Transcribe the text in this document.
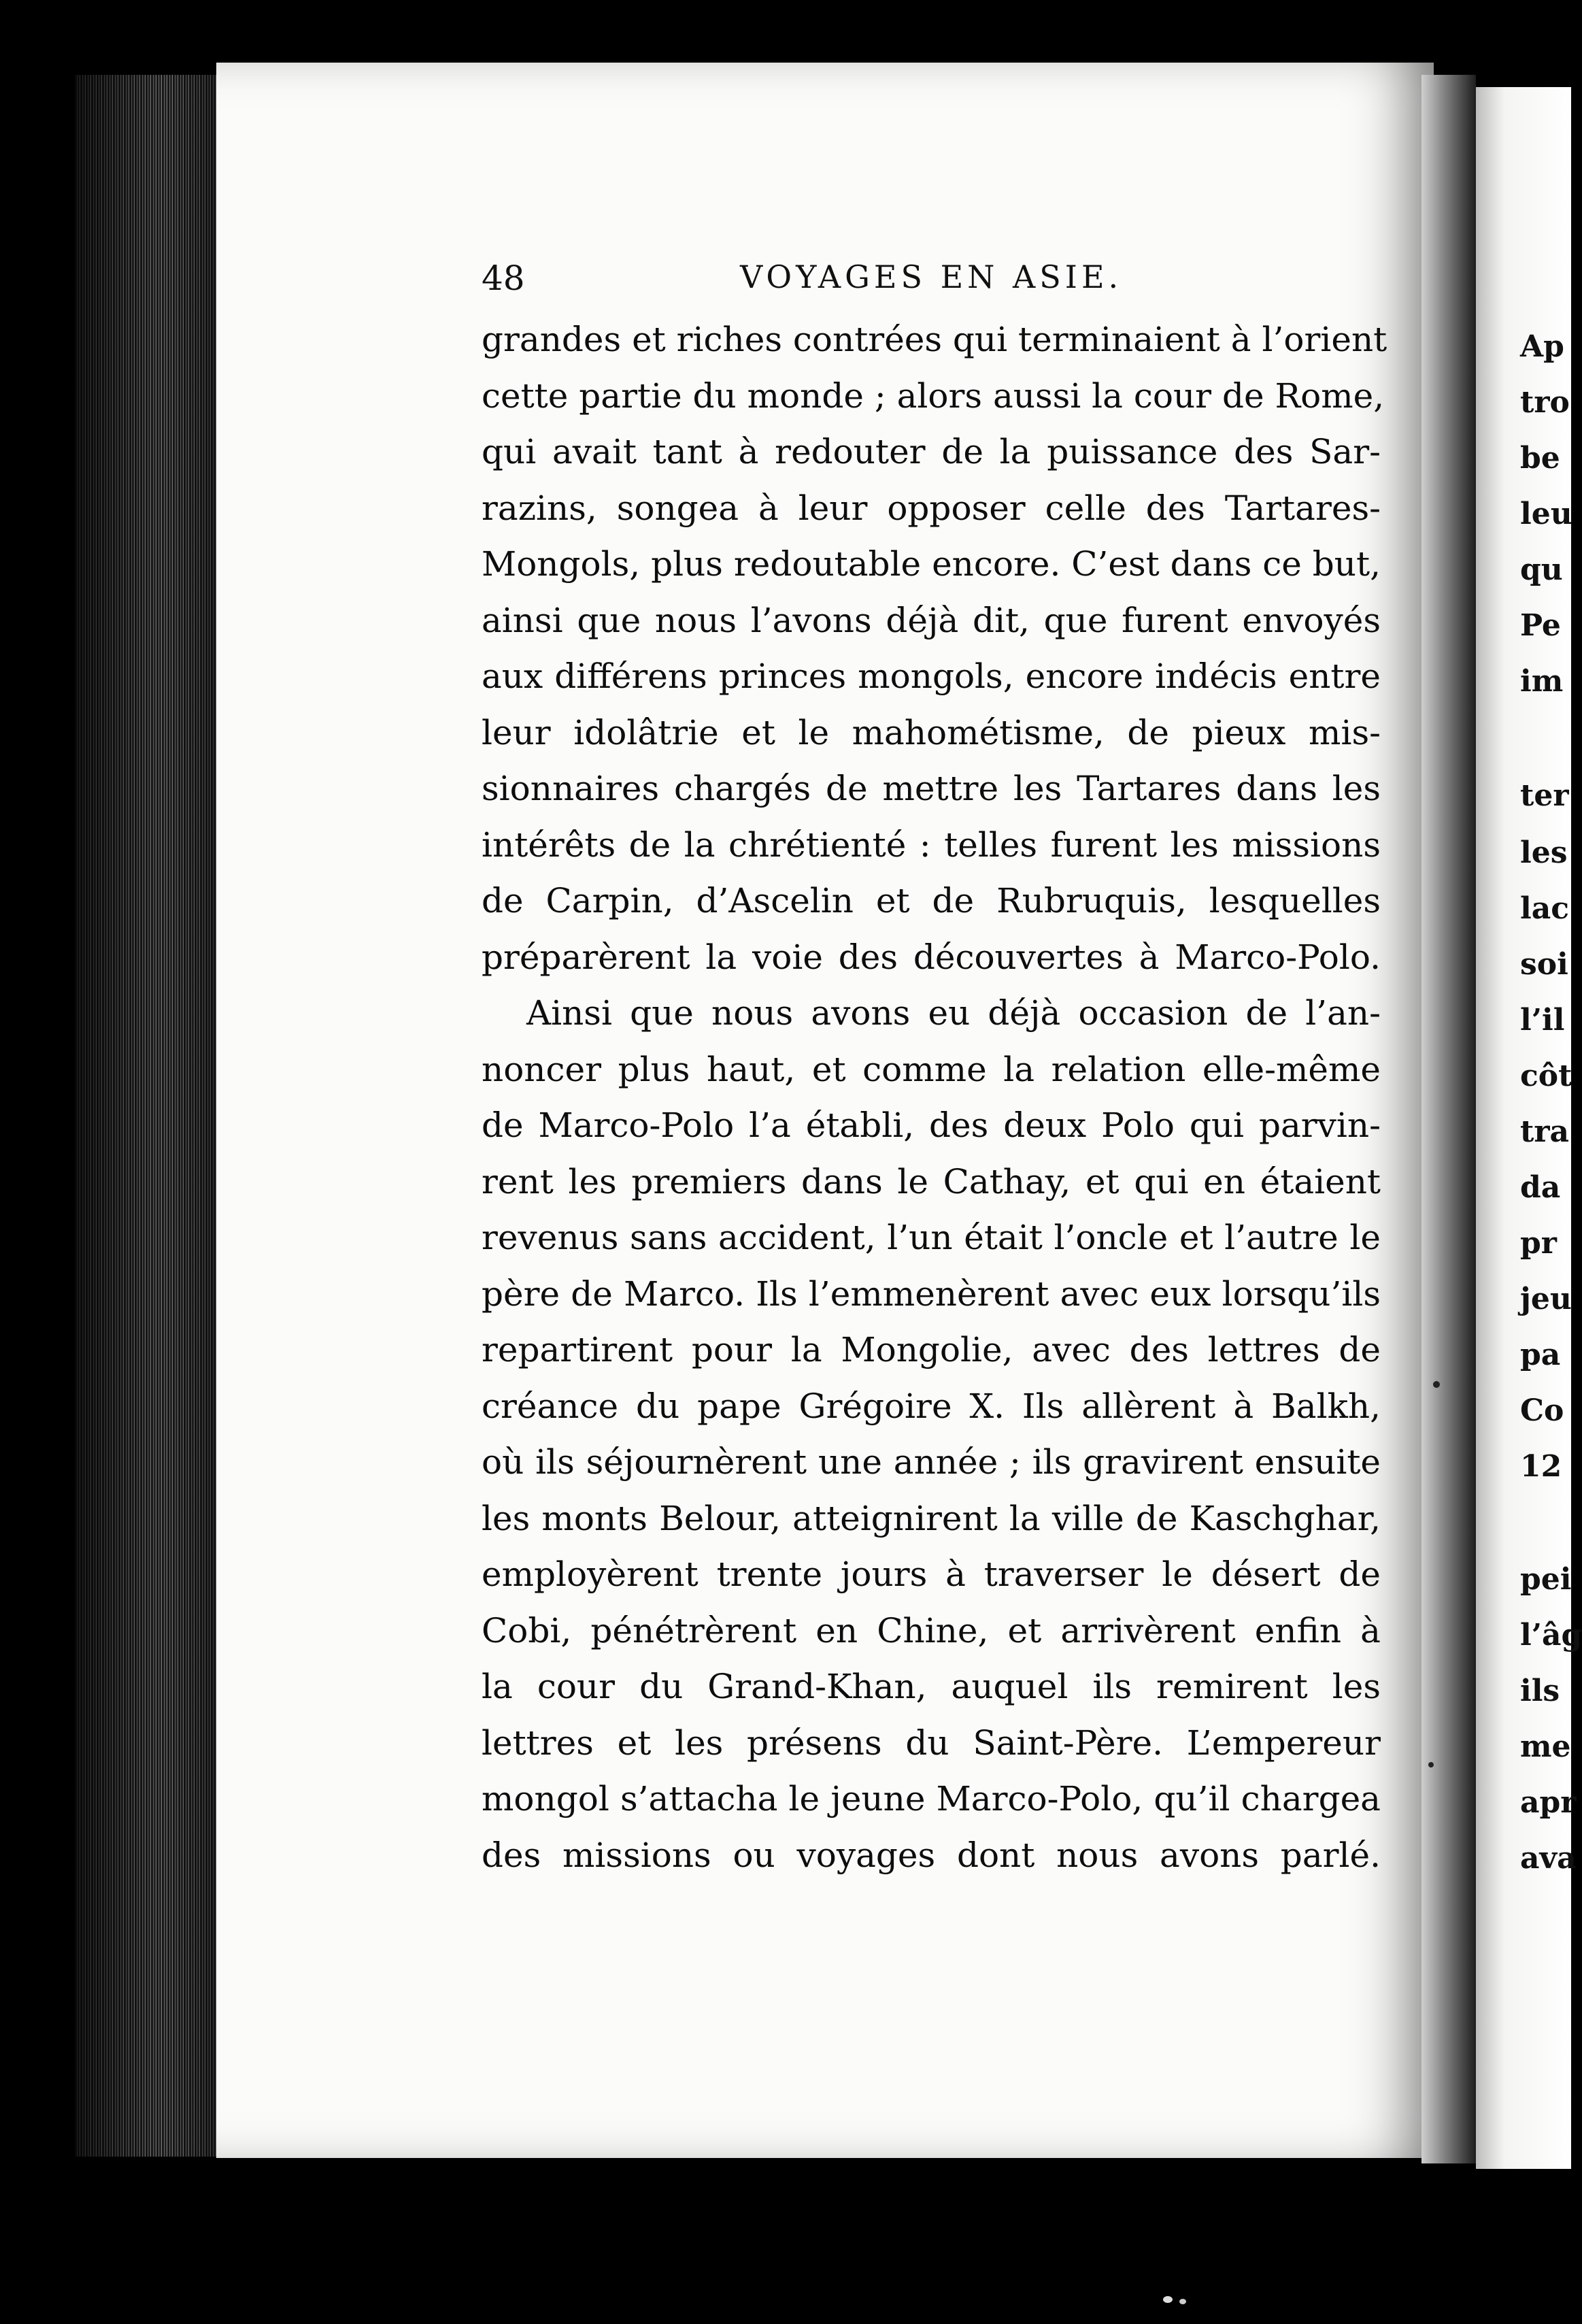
48	VOYAGES EN ASIE.
grandes et riches contrées qui terminaient à l’orient
cette partie du monde ; alors aussi la cour de Rome,
qui avait tant à redouter de la puissance des Sar-
razins, songea à leur opposer celle des Tartares-
Mongols, plus redoutable encore. C’est dans ce but,
ainsi que nous l’avons déjà dit, que furent envoyés
aux différens princes mongols, encore indécis entre
leur idolâtrie et le mahométisme, de pieux mis-
sionnaires chargés de mettre les Tartares dans les
intérêts de la chrétienté : telles furent les missions
de Carpin, d’Ascelin et de Rubruquis, lesquelles
préparèrent la voie des découvertes à Marco-Polo.
Ainsi que nous avons eu déjà occasion de l’an-
noncer plus haut, et comme la relation elle-même
de Marco-Polo l’a établi, des deux Polo qui parvin-
rent les premiers dans le Cathay, et qui en étaient
revenus sans accident, l’un était l’oncle et l’autre le
père de Marco. Ils l’emmenèrent avec eux lorsqu’ils
repartirent pour la Mongolie, avec des lettres de
créance du pape Grégoire X. Ils allèrent à Balkh,
où ils séjournèrent une année ; ils gravirent ensuite
les monts Belour, atteignirent la ville de Kaschghar,
employèrent trente jours à traverser le désert de
Cobi, pénétrèrent en Chine, et arrivèrent enfin à
la cour du Grand-Khan, auquel ils remirent les
lettres et les présens du Saint-Père. L’empereur
mongol s’attacha le jeune Marco-Polo, qu’il chargea
des missions ou voyages dont nous avons parlé.
Ap
tro
be
leu
qu
Pe
im
ter
les
lac
soi
l’il
côt
tra
da
pr
jeu
pa
Co
12
pei
l’âg
ils
me
apr
ava
